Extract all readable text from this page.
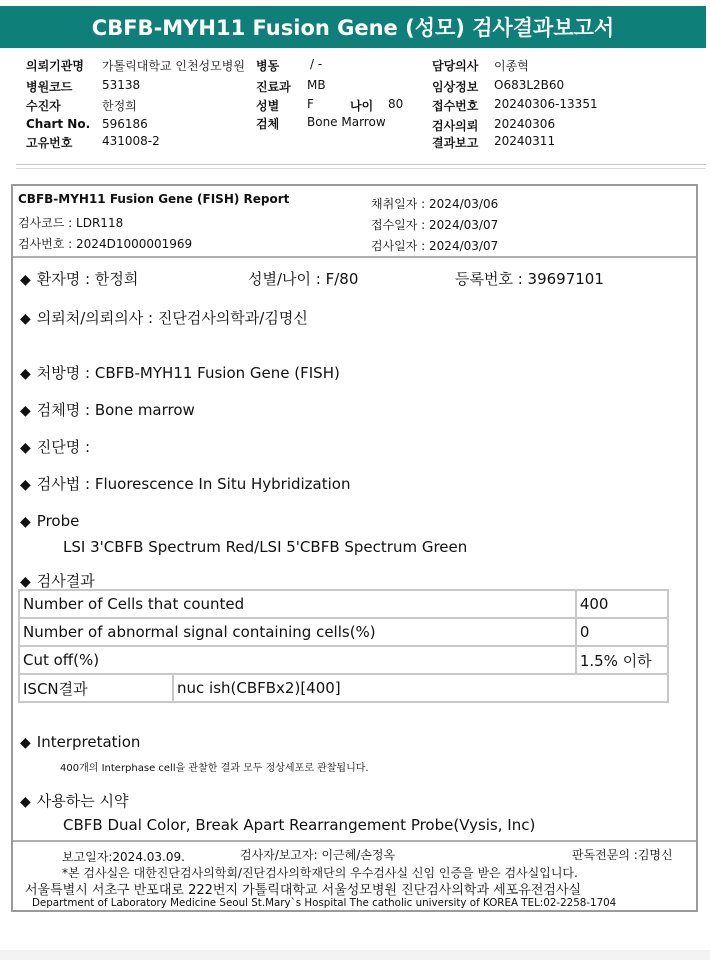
CBFB-MYH11 Fusion Gene (성모) 검사결과보고서
의뢰기관명 가톨릭대학교 인천성모병원 병동	/ -	담당의사 이종혁
병원코드 53138	진료과 MB	임상정보 O683L2B60
수진자	한정희	성별 F	나이 80 접수번호 20240306-13351
Chart No. 596186	검체 Bone Marrow	검사의뢰 20240306
고유번호 431008-2	결과보고 20240311
CBFB-MYH11 Fusion Gene (FISH) Report
검사코드 : LDR118
검사번호 : 2024D1000001969
채취일자 : 2024/03/06
접수일자 : 2024/03/07
검사일자 : 2024/03/07
◆ 환자명 : 한정희	성별/나이 : F/80	등록번호 : 39697101
◆ 의뢰처/의뢰의사 : 진단검사의학과/김명신
◆ 처방명 : CBFB-MYH11 Fusion Gene (FISH)
◆ 검체명 : Bone marrow
◆ 진단명 :
◆ 검사법 : Fluorescence In Situ Hybridization
◆ Probe
LSI 3'CBFB Spectrum Red/LSI 5'CBFB Spectrum Green
◆ 검사결과
Number of Cells that counted		400
Number of abnormal signal containing cells(%)		0
Cut off(%)		1.5% 이하
ISCN결과	nuc ish(CBFBx2)[400]	
◆ Interpretation
400개의 Interphase cell을 관찰한 결과 모두 정상세포로 관찰됩니다.
◆ 사용하는 시약
CBFB Dual Color, Break Apart Rearrangement Probe(Vysis, Inc)
보고일자:2024.03.09.	검사자/보고자: 이근혜/손정옥	판독전문의 :김명신
*본 검사실은 대한진단검사의학회/진단검사의학재단의 우수검사실 신임 인증을 받은 검사실입니다.
서울특별시 서초구 반포대로 222번지 가톨릭대학교 서울성모병원 진단검사의학과 세포유전검사실
Department of Laboratory Medicine Seoul St.Mary`s Hospital The catholic university of KOREA TEL:02-2258-1704
